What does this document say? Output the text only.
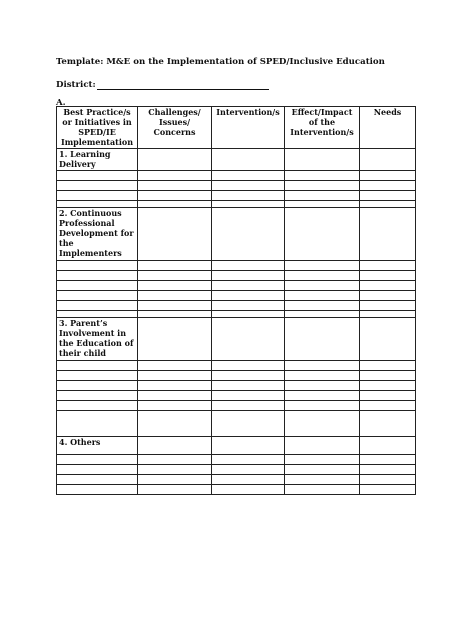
Template: M&E on the Implementation of SPED/Inclusive Education
District:
A.
Best Practice/s or Initiatives in SPED/IE Implementation	Challenges/ Issues/ Concerns	Intervention/s	Effect/Impact of the Intervention/s	Needs
1. Learning Delivery				

2. Continuous Professional Development for the Implementers				

3. Parent’s Involvement in the Education of their child				

4. Others				
